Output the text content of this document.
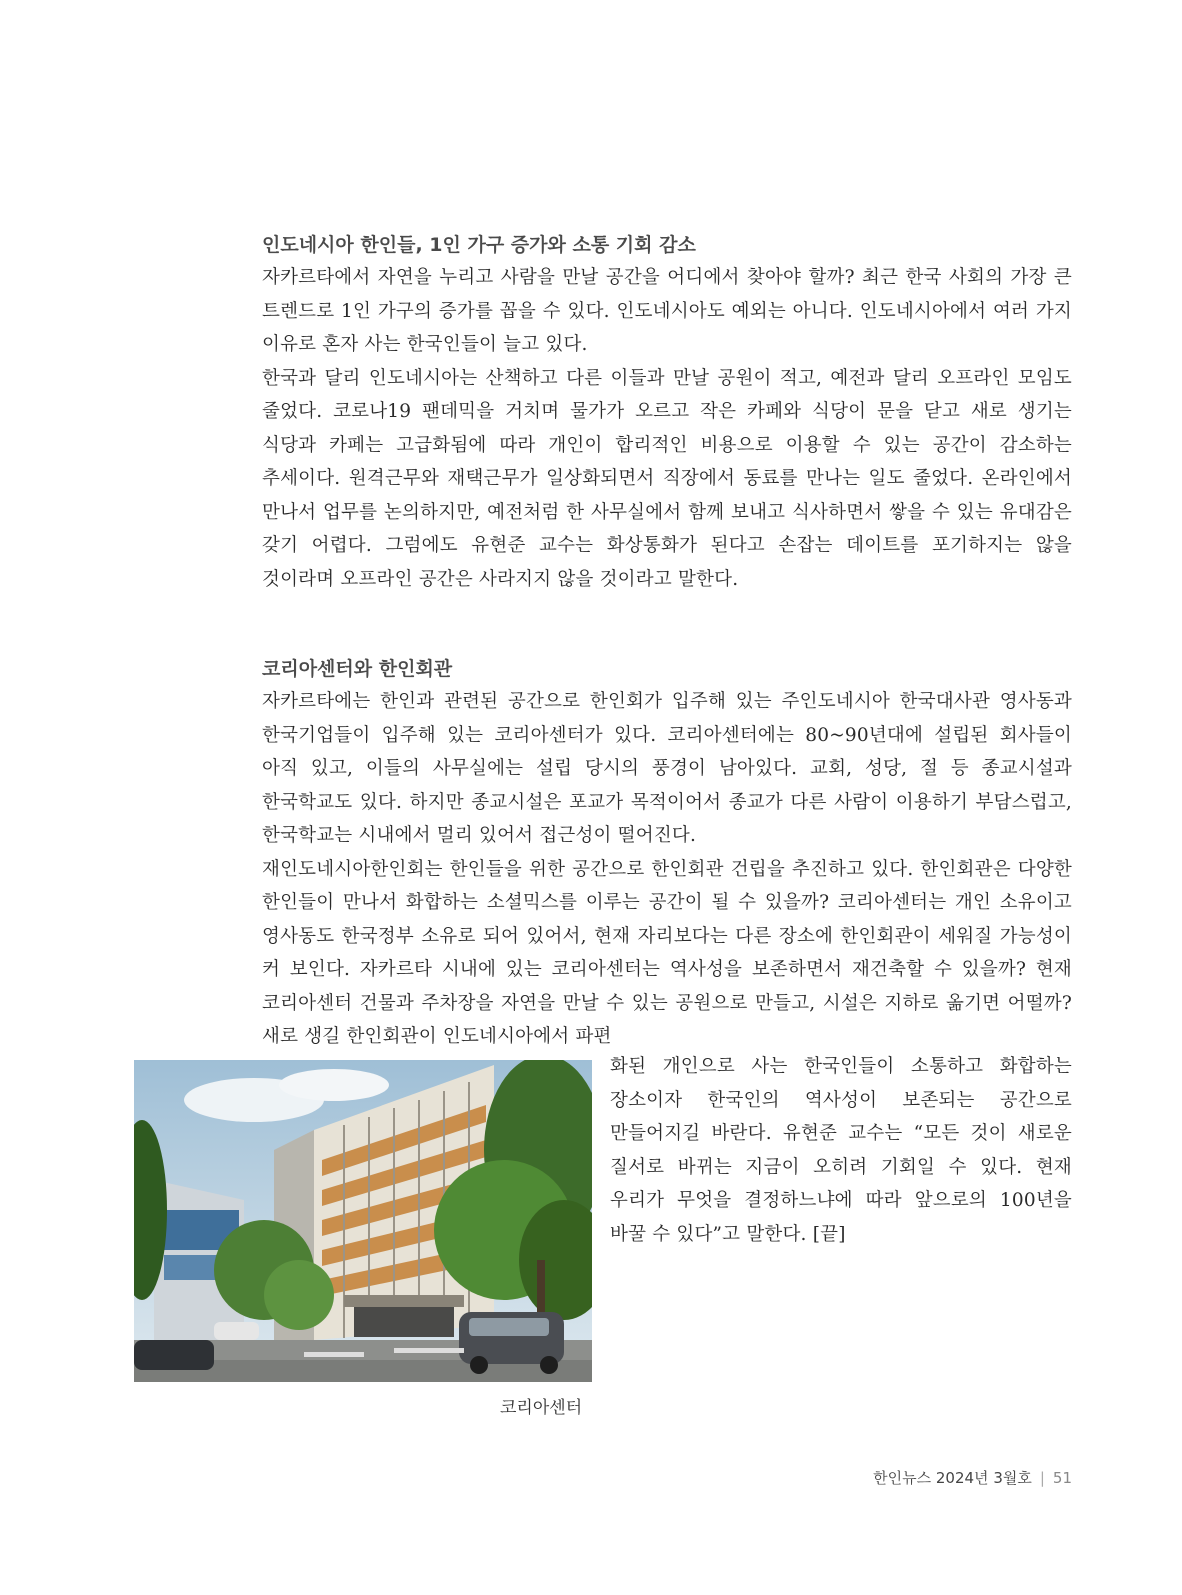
인도네시아 한인들, 1인 가구 증가와 소통 기회 감소

자카르타에서 자연을 누리고 사람을 만날 공간을 어디에서 찾아야 할까? 최근 한국 사회의 가장 큰 트렌드로 1인 가구의 증가를 꼽을 수 있다. 인도네시아도 예외는 아니다. 인도네시아에서 여러 가지 이유로 혼자 사는 한국인들이 늘고 있다.

한국과 달리 인도네시아는 산책하고 다른 이들과 만날 공원이 적고, 예전과 달리 오프라인 모임도 줄었다. 코로나19 팬데믹을 거치며 물가가 오르고 작은 카페와 식당이 문을 닫고 새로 생기는 식당과 카페는 고급화됨에 따라 개인이 합리적인 비용으로 이용할 수 있는 공간이 감소하는 추세이다. 원격근무와 재택근무가 일상화되면서 직장에서 동료를 만나는 일도 줄었다. 온라인에서 만나서 업무를 논의하지만, 예전처럼 한 사무실에서 함께 보내고 식사하면서 쌓을 수 있는 유대감은 갖기 어렵다. 그럼에도 유현준 교수는 화상통화가 된다고 손잡는 데이트를 포기하지는 않을 것이라며 오프라인 공간은 사라지지 않을 것이라고 말한다.

코리아센터와 한인회관

자카르타에는 한인과 관련된 공간으로 한인회가 입주해 있는 주인도네시아 한국대사관 영사동과 한국기업들이 입주해 있는 코리아센터가 있다. 코리아센터에는 80~90년대에 설립된 회사들이 아직 있고, 이들의 사무실에는 설립 당시의 풍경이 남아있다. 교회, 성당, 절 등 종교시설과 한국학교도 있다. 하지만 종교시설은 포교가 목적이어서 종교가 다른 사람이 이용하기 부담스럽고, 한국학교는 시내에서 멀리 있어서 접근성이 떨어진다.

재인도네시아한인회는 한인들을 위한 공간으로 한인회관 건립을 추진하고 있다. 한인회관은 다양한 한인들이 만나서 화합하는 소셜믹스를 이루는 공간이 될 수 있을까? 코리아센터는 개인 소유이고 영사동도 한국정부 소유로 되어 있어서, 현재 자리보다는 다른 장소에 한인회관이 세워질 가능성이 커 보인다. 자카르타 시내에 있는 코리아센터는 역사성을 보존하면서 재건축할 수 있을까? 현재 코리아센터 건물과 주차장을 자연을 만날 수 있는 공원으로 만들고, 시설은 지하로 옮기면 어떨까? 새로 생길 한인회관이 인도네시아에서 파편

화된 개인으로 사는 한국인들이 소통하고 화합하는 장소이자 한국인의 역사성이 보존되는 공간으로 만들어지길 바란다. 유현준 교수는 “모든 것이 새로운 질서로 바뀌는 지금이 오히려 기회일 수 있다. 현재 우리가 무엇을 결정하느냐에 따라 앞으로의 100년을 바꿀 수 있다”고 말한다. [끝]

코리아센터
한인뉴스 2024년 3월호 | 51
